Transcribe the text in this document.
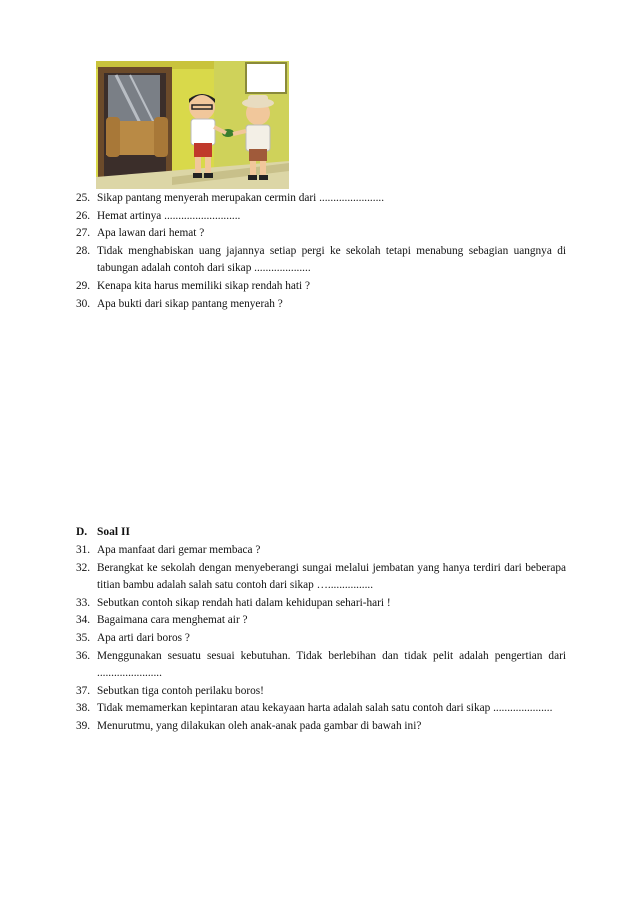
25. Sikap pantang menyerah merupakan cermin dari .......................
26. Hemat artinya ...........................
27. Apa lawan dari hemat ?
28. Tidak menghabiskan uang jajannya setiap pergi ke sekolah tetapi menabung sebagian uangnya di tabungan adalah contoh dari sikap ....................
29. Kenapa kita harus memiliki sikap rendah hati ?
30. Apa bukti dari sikap pantang menyerah ?
D. Soal II
31. Apa manfaat dari gemar membaca ?
32. Berangkat ke sekolah dengan menyeberangi sungai melalui jembatan yang hanya terdiri dari beberapa titian bambu adalah salah satu contoh dari sikap …................
33. Sebutkan contoh sikap rendah hati dalam kehidupan sehari-hari !
34. Bagaimana cara menghemat air ?
35. Apa arti dari boros ?
36. Menggunakan sesuatu sesuai kebutuhan. Tidak berlebihan dan tidak pelit adalah pengertian dari .......................
37. Sebutkan tiga contoh perilaku boros!
38. Tidak memamerkan kepintaran atau kekayaan harta adalah salah satu contoh dari sikap .....................
39. Menurutmu, yang dilakukan oleh anak-anak pada gambar di bawah ini?
